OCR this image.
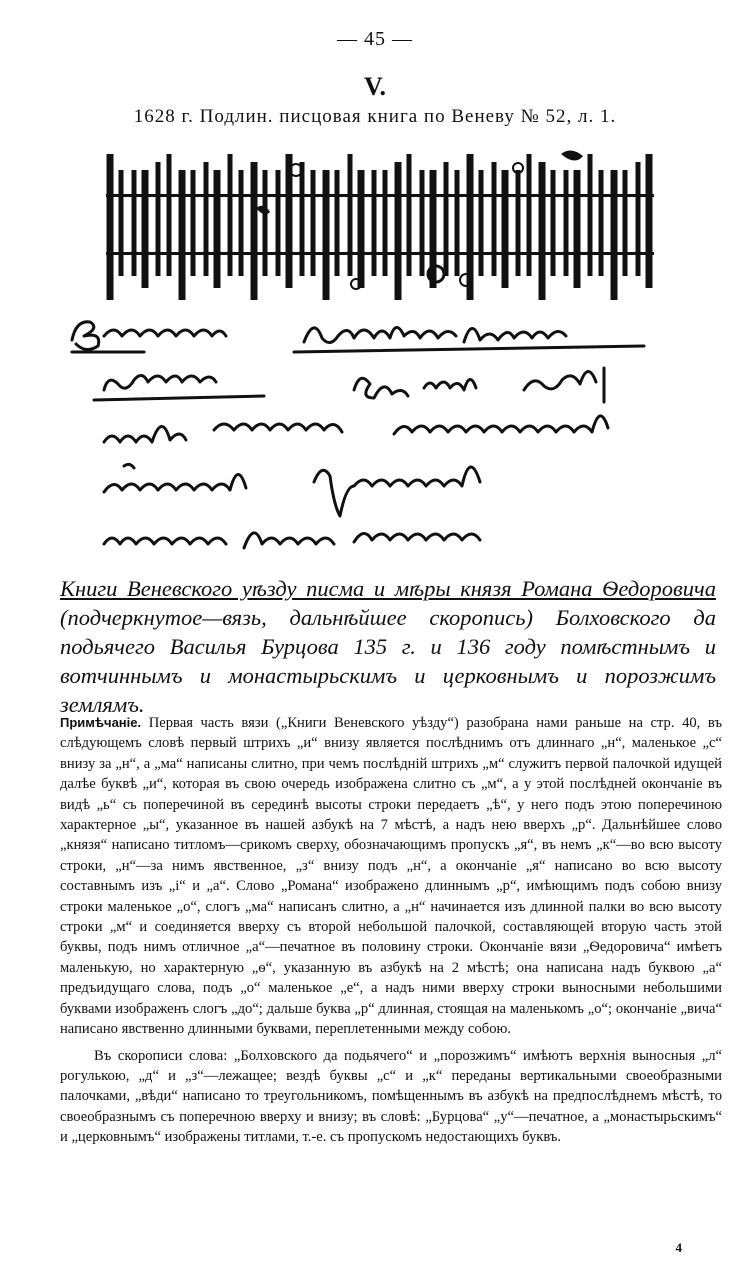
— 45 —
V.
1628 г. Подлин. писцовая книга по Веневу № 52, л. 1.
Книги Веневского уѣзду писма и мѣры князя Романа Ѳедоровича (подчеркнутое—вязь, дальнѣйшее скоропись) Болховского да подьячего Василья Бурцова 135 г. и 136 году помѣстнымъ и вотчиннымъ и монастырьскимъ и церковнымъ и порозжимъ землямъ.

Примѣчаніе. Первая часть вязи („Книги Веневского уѣзду“) разобрана нами раньше на стр. 40, въ слѣдующемъ словѣ первый штрихъ „и“ внизу является послѣднимъ отъ длиннаго „н“, маленькое „с“ внизу за „н“, а „ма“ написаны слитно, при чемъ послѣдній штрихъ „м“ служитъ первой палочкой идущей далѣе буквѣ „и“, которая въ свою очередь изображена слитно съ „м“, а у этой послѣдней окончаніе въ видѣ „ь“ съ поперечиной въ серединѣ высоты строки передаетъ „ѣ“, у него подъ этою поперечиною характерное „ы“, указанное въ нашей азбукѣ на 7 мѣстѣ, а надъ нею вверхъ „р“. Дальнѣйшее слово „князя“ написано титломъ—срикомъ сверху, обозначающимъ пропускъ „я“, въ немъ „к“—во всю высоту строки, „н“—за нимъ явственное, „з“ внизу подъ „н“, а окончаніе „я“ написано во всю высоту составнымъ изъ „і“ и „а“. Слово „Романа“ изображено длиннымъ „р“, имѣющимъ подъ собою внизу строки маленькое „о“, слогъ „ма“ написанъ слитно, а „н“ начинается изъ длинной палки во всю высоту строки „м“ и соединяется вверху съ второй небольшой палочкой, составляющей вторую часть этой буквы, подъ нимъ отличное „а“—печатное въ половину строки. Окончаніе вязи „Ѳедоровича“ имѣетъ маленькую, но характерную „ѳ“, указанную въ азбукѣ на 2 мѣстѣ; она написана надъ буквою „а“ предъидущаго слова, подъ „о“ маленькое „е“, а надъ ними вверху строки выносными небольшими буквами изображенъ слогъ „до“; дальше буква „р“ длинная, стоящая на маленькомъ „о“; окончаніе „вича“ написано явственно длинными буквами, переплетенными между собою.

Въ скорописи слова: „Болховского да подьячего“ и „порозжимъ“ имѣютъ верхнія выносныя „л“ рогулькою, „д“ и „з“—лежащее; вездѣ буквы „с“ и „к“ переданы вертикальными своеобразными палочками, „вѣди“ написано то треугольникомъ, помѣщеннымъ въ азбукѣ на предпослѣднемъ мѣстѣ, то своеобразнымъ съ поперечною вверху и внизу; въ словѣ: „Бурцова“ „у“—печатное, а „монастырьскимъ“ и „церковнымъ“ изображены титлами, т.-е. съ пропускомъ недостающихъ буквъ.

4
